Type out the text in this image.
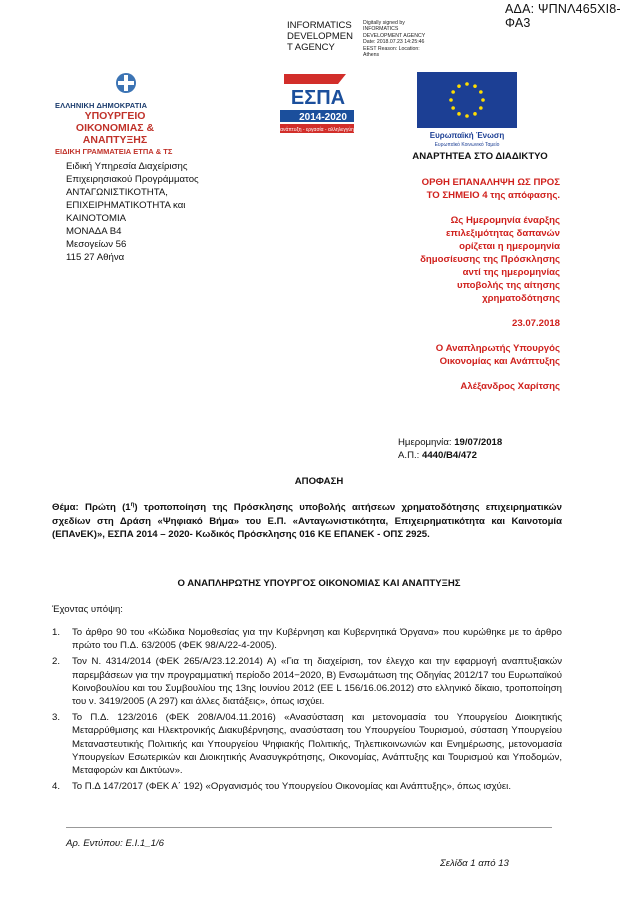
ΑΔΑ: ΨΠΝΛ465ΧΙ8-ΦΑ3
INFORMATICS DEVELOPMEN T AGENCY
Digitally signed by INFORMATICS DEVELOPMENT AGENCY Date: 2018.07.23 14:25:46 EEST Reason: Location: Athens
ΕΛΛΗΝΙΚΗ ΔΗΜΟΚΡΑΤΙΑ
ΥΠΟΥΡΓΕΙΟ
ΟΙΚΟΝΟΜΙΑΣ & ΑΝΑΠΤΥΞΗΣ
ΕΙΔΙΚΗ ΓΡΑΜΜΑΤΕΙΑ ΕΤΠΑ & ΤΣ
ΕΣΠΑ
2014-2020
ανάπτυξη - εργασία - αλληλεγγύη
Ευρωπαϊκή Ένωση
Ευρωπαϊκό Κοινωνικό Ταμείο
Ειδική Υπηρεσία Διαχείρισης
Επιχειρησιακού Προγράμματος
ΑΝΤΑΓΩΝΙΣΤΙΚΟΤΗΤΑ,
ΕΠΙΧΕΙΡΗΜΑΤΙΚΟΤΗΤΑ και
ΚΑΙΝΟΤΟΜΙΑ
ΜΟΝΑΔΑ Β4
Μεσογείων 56
115 27 Αθήνα
ΑΝΑΡΤΗΤΕΑ ΣΤΟ ΔΙΑΔΙΚΤΥΟ
ΟΡΘΗ ΕΠΑΝΑΛΗΨΗ ΩΣ ΠΡΟΣ
ΤΟ ΣΗΜΕΙΟ 4 της απόφασης.
Ως Ημερομηνία έναρξης
επιλεξιμότητας δαπανών
ορίζεται η ημερομηνία
δημοσίευσης της Πρόσκλησης
αντί της ημερομηνίας
υποβολής της αίτησης
χρηματοδότησης
23.07.2018
Ο Αναπληρωτής Υπουργός
Οικονομίας και Ανάπτυξης
Αλέξανδρος Χαρίτσης
Ημερομηνία: 19/07/2018
Α.Π.: 4440/Β4/472
ΑΠΟΦΑΣΗ
Θέμα: Πρώτη $(1^\eta)$ τροποποίηση της Πρόσκλησης υποβολής αιτήσεων χρηματοδότησης επιχειρηματικών σχεδίων στη Δράση «Ψηφιακό Βήμα» του Ε.Π. «Ανταγωνιστικότητα, Επιχειρηματικότητα και Καινοτομία (ΕΠΑνΕΚ)», ΕΣΠΑ 2014 – 2020- Κωδικός Πρόσκλησης 016 ΚΕ ΕΠΑΝΕΚ - ΟΠΣ 2925.
Ο ΑΝΑΠΛΗΡΩΤΗΣ ΥΠΟΥΡΓΟΣ ΟΙΚΟΝΟΜΙΑΣ ΚΑΙ ΑΝΑΠΤΥΞΗΣ
Έχοντας υπόψη:
1.	Το άρθρο 90 του «Κώδικα Νομοθεσίας για την Κυβέρνηση και Κυβερνητικά Όργανα» που κυρώθηκε με το άρθρο πρώτο του Π.Δ. 63/2005 (ΦΕΚ 98/Α/22-4-2005).
2.	Τον Ν. 4314/2014 (ΦΕΚ 265/Α/23.12.2014) Α) «Για τη διαχείριση, τον έλεγχο και την εφαρμογή αναπτυξιακών παρεμβάσεων για την προγραμματική περίοδο 2014−2020, Β) Ενσωμάτωση της Οδηγίας 2012/17 του Ευρωπαϊκού Κοινοβουλίου και του Συμβουλίου της 13ης Ιουνίου 2012 (ΕΕ L 156/16.06.2012) στο ελληνικό δίκαιο, τροποποίηση του ν. 3419/2005 (Α 297) και άλλες διατάξεις», όπως ισχύει.
3.	Το Π.Δ. 123/2016 (ΦΕΚ 208/Α/04.11.2016) «Ανασύσταση και μετονομασία του Υπουργείου Διοικητικής Μεταρρύθμισης και Ηλεκτρονικής Διακυβέρνησης, ανασύσταση του Υπουργείου Τουρισμού, σύσταση Υπουργείου Μεταναστευτικής Πολιτικής και Υπουργείου Ψηφιακής Πολιτικής, Τηλεπικοινωνιών και Ενημέρωσης, μετονομασία Υπουργείων Εσωτερικών και Διοικητικής Ανασυγκρότησης, Οικονομίας, Ανάπτυξης και Τουρισμού και Υποδομών, Μεταφορών και Δικτύων».
4.	Το Π.Δ 147/2017 (ΦΕΚ Α΄ 192) «Οργανισμός του Υπουργείου Οικονομίας και Ανάπτυξης», όπως ισχύει.
Αρ. Εντύπου: Ε.Ι.1_1/6
Σελίδα 1 από 13
